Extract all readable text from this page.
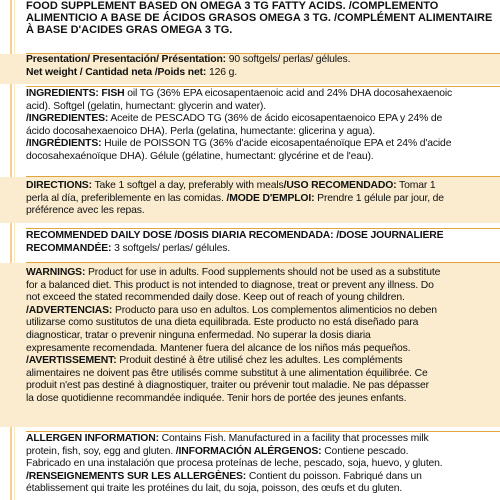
FOOD SUPPLEMENT BASED ON OMEGA 3 TG FATTY ACIDS. /COMPLEMENTO
ALIMENTICIO A BASE DE ÁCIDOS GRASOS OMEGA 3 TG. /COMPLÉMENT ALIMENTAIRE
À BASE D'ACIDES GRAS OMEGA 3 TG.
Presentation/ Presentación/ Présentation: 90 softgels/ perlas/ gélules.
Net weight / Cantidad neta /Poids net: 126 g.
INGREDIENTS: FISH oil TG (36% EPA eicosapentaenoic acid and 24% DHA docosahexaenoic
acid). Softgel (gelatin, humectant: glycerin and water).
/INGREDIENTES: Aceite de PESCADO TG (36% de ácido eicosapentaenoico EPA y 24% de
ácido docosahexaenoico DHA). Perla (gelatina, humectante: glicerina y agua).
/INGRÉDIENTS: Huile de POISSON TG (36% d'acide eicosapentaénoïque EPA et 24% d'acide
docosahexaénoïque DHA). Gélule (gélatine, humectant: glycérine et de l'eau).
DIRECTIONS: Take 1 softgel a day, preferably with meals/USO RECOMENDADO: Tomar 1
perla al día, preferiblemente en las comidas. /MODE D'EMPLOI: Prendre 1 gélule par jour, de
préférence avec les repas.
RECOMMENDED DAILY DOSE /DOSIS DIARIA RECOMENDADA: /DOSE JOURNALIÈRE
RECOMMANDÉE: 3 softgels/ perlas/ gélules.
WARNINGS: Product for use in adults. Food supplements should not be used as a substitute
for a balanced diet. This product is not intended to diagnose, treat or prevent any illness. Do
not exceed the stated recommended daily dose. Keep out of reach of young children.
/ADVERTENCIAS: Producto para uso en adultos. Los complementos alimenticios no deben
utilizarse como sustitutos de una dieta equilibrada. Este producto no está diseñado para
diagnosticar, tratar o prevenir ninguna enfermedad. No superar la dosis diaria
expresamente recomendada. Mantener fuera del alcance de los niños más pequeños.
/AVERTISSEMENT: Produit destiné à être utilisé chez les adultes. Les compléments
alimentaires ne doivent pas être utilisés comme substitut à une alimentation équilibrée. Ce
produit n'est pas destiné à diagnostiquer, traiter ou prévenir tout maladie. Ne pas dépasser
la dose quotidienne recommandée indiquée. Tenir hors de portée des jeunes enfants.
ALLERGEN INFORMATION: Contains Fish. Manufactured in a facility that processes milk
protein, fish, soy, egg and gluten. /INFORMACIÓN ALÉRGENOS: Contiene pescado.
Fabricado en una instalación que procesa proteínas de leche, pescado, soja, huevo, y gluten.
/RENSEIGNEMENTS SUR LES ALLERGÈNES: Contient du poisson. Fabriqué dans un
établissement qui traite les protéines du lait, du soja, poisson, des œufs et du gluten.
